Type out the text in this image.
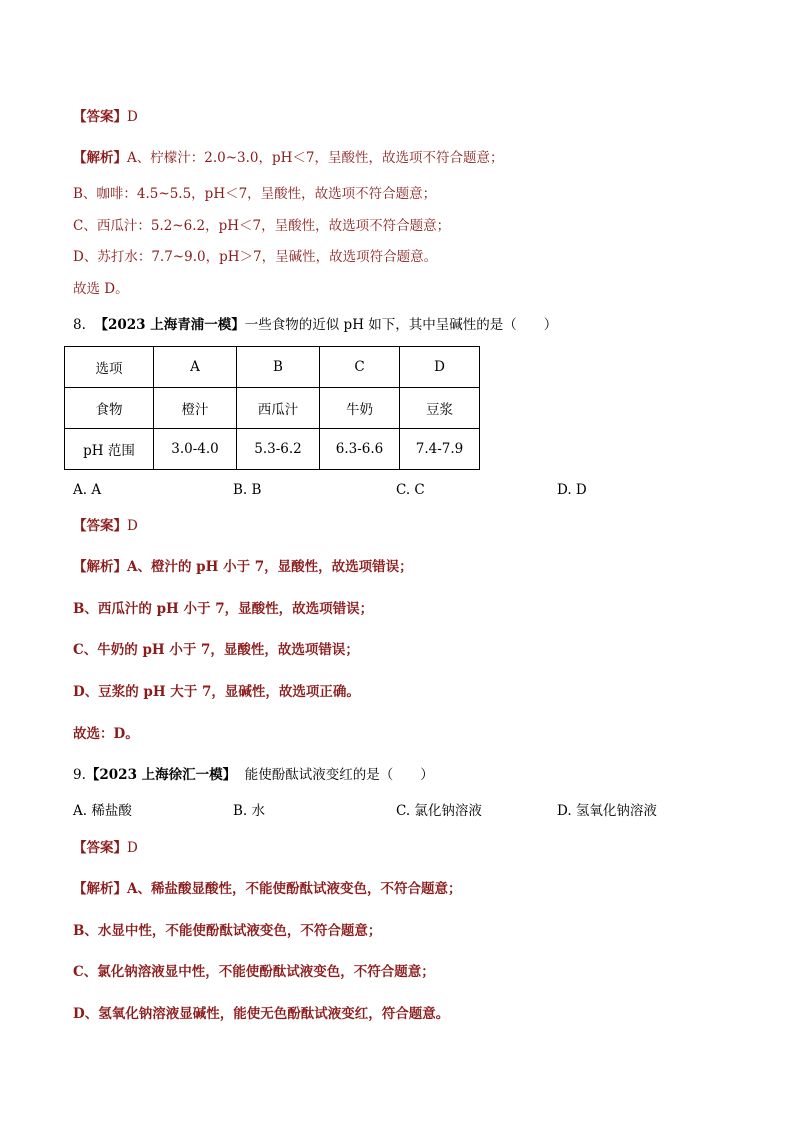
【答案】D
【解析】A、柠檬汁：2.0~3.0，pH＜7，呈酸性，故选项不符合题意；
B、咖啡：4.5~5.5，pH＜7，呈酸性，故选项不符合题意；
C、西瓜汁：5.2~6.2，pH＜7，呈酸性，故选项不符合题意；
D、苏打水：7.7~9.0，pH＞7，呈碱性，故选项符合题意。
故选 D。
8. 【2023 上海青浦一模】一些食物的近似 pH 如下，其中呈碱性的是（　　）
选项	A	B	C	D
食物	橙汁	西瓜汁	牛奶	豆浆
pH 范围	3.0-4.0	5.3-6.2	6.3-6.6	7.4-7.9
A. A	B. B	C. C	D. D
【答案】D
【解析】A、橙汁的 pH 小于 7，显酸性，故选项错误；
B、西瓜汁的 pH 小于 7，显酸性，故选项错误；
C、牛奶的 pH 小于 7，显酸性，故选项错误；
D、豆浆的 pH 大于 7，显碱性，故选项正确。
故选：D。
9.【2023 上海徐汇一模】 能使酚酞试液变红的是（　　）
A. 稀盐酸	B. 水	C. 氯化钠溶液	D. 氢氧化钠溶液
【答案】D
【解析】A、稀盐酸显酸性，不能使酚酞试液变色，不符合题意；
B、水显中性，不能使酚酞试液变色，不符合题意；
C、氯化钠溶液显中性，不能使酚酞试液变色，不符合题意；
D、氢氧化钠溶液显碱性，能使无色酚酞试液变红，符合题意。
